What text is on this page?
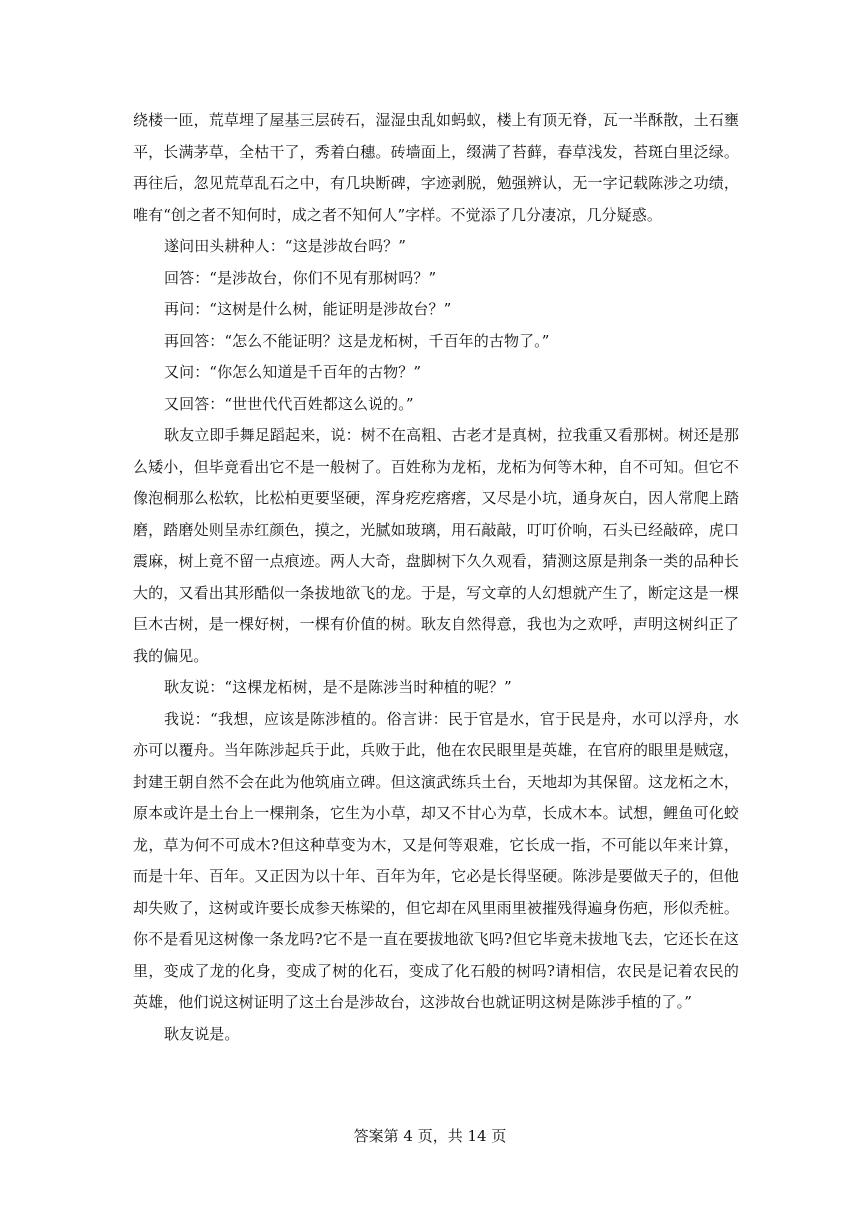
绕楼一匝，荒草埋了屋基三层砖石，湿湿虫乱如蚂蚁，楼上有顶无脊，瓦一半酥散，土石壅平，长满茅草，全枯干了，秀着白穗。砖墙面上，缀满了苔藓，春草浅发，苔斑白里泛绿。再往后，忽见荒草乱石之中，有几块断碑，字迹剥脱，勉强辨认，无一字记载陈涉之功绩，唯有“创之者不知何时，成之者不知何人”字样。不觉添了几分凄凉，几分疑惑。

遂问田头耕种人：“这是涉故台吗？”

回答：“是涉故台，你们不见有那树吗？”

再问：“这树是什么树，能证明是涉故台？”

再回答：“怎么不能证明？这是龙柘树，千百年的古物了。”

又问：“你怎么知道是千百年的古物？”

又回答：“世世代代百姓都这么说的。”

耿友立即手舞足蹈起来，说：树不在高粗、古老才是真树，拉我重又看那树。树还是那么矮小，但毕竟看出它不是一般树了。百姓称为龙柘，龙柘为何等木种，自不可知。但它不像泡桐那么松软，比松柏更要坚硬，浑身疙疙瘩瘩，又尽是小坑，通身灰白，因人常爬上踏磨，踏磨处则呈赤红颜色，摸之，光腻如玻璃，用石敲敲，叮叮价响，石头已经敲碎，虎口震麻，树上竟不留一点痕迹。两人大奇，盘脚树下久久观看，猜测这原是荆条一类的品种长大的，又看出其形酷似一条拔地欲飞的龙。于是，写文章的人幻想就产生了，断定这是一棵巨木古树，是一棵好树，一棵有价值的树。耿友自然得意，我也为之欢呼，声明这树纠正了我的偏见。

耿友说：“这棵龙柘树，是不是陈涉当时种植的呢？”

我说：“我想，应该是陈涉植的。俗言讲：民于官是水，官于民是舟，水可以浮舟，水亦可以覆舟。当年陈涉起兵于此，兵败于此，他在农民眼里是英雄，在官府的眼里是贼寇，封建王朝自然不会在此为他筑庙立碑。但这演武练兵土台，天地却为其保留。这龙柘之木，原本或许是土台上一棵荆条，它生为小草，却又不甘心为草，长成木本。试想，鲤鱼可化蛟龙，草为何不可成木?但这种草变为木，又是何等艰难，它长成一指，不可能以年来计算，而是十年、百年。又正因为以十年、百年为年，它必是长得坚硬。陈涉是要做天子的，但他却失败了，这树或许要长成参天栋梁的，但它却在风里雨里被摧残得遍身伤疤，形似秃桩。你不是看见这树像一条龙吗?它不是一直在要拔地欲飞吗?但它毕竟未拔地飞去，它还长在这里，变成了龙的化身，变成了树的化石，变成了化石般的树吗?请相信，农民是记着农民的英雄，他们说这树证明了这土台是涉故台，这涉故台也就证明这树是陈涉手植的了。”

耿友说是。

答案第 4 页，共 14 页
